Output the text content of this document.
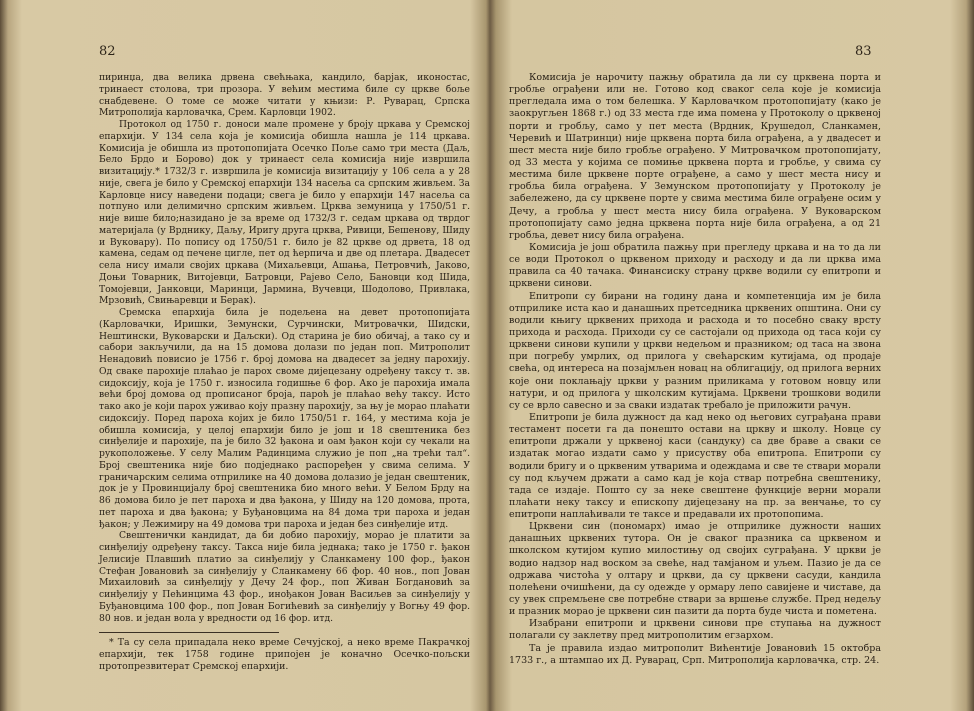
82

пиринџа, два велика дрвена свећњака, кандило, барјак, иконостас, тринаест столова, три прозора. У већим местима биле су цркве боље снабдевене. О томе се може читати у књизи: Р. Руварац, Српска Митрополија карловачка, Срем. Карловци 1902.

Протокол од 1750 г. доноси мале промене у броју цркава у Сремској епархији. У 134 села која је комисија обишла нашла је 114 цркава. Комисија је обишла из протопопијата Осечко Поље само три места (Даљ, Бело Брдо и Борово) док у тринаест села комисија није извршила визитацију.* 1732/3 г. извршила је комисија визитацију у 106 села а у 28 није, свега је било у Сремској епархији 134 насеља са српским живљем. За Карловце нису наведени подаци; свега је било у епархији 147 насеља са потпуно или делимично српским живљем. Црква земуница у 1750/51 г. није више било;назидано је за време од 1732/3 г. седам цркава од тврдог материјала (у Врднику, Даљу, Иригу друга црква, Ривици, Бешенову, Шиду и Вуковару). По попису од 1750/51 г. било је 82 цркве од дрвета, 18 од камена, седам од печене цигле, пет од ћерпича и две од плетара. Двадесет села нису имали својих цркава (Михаљевци, Ашања, Петровчић, Јаково, Доњи Товарник, Витојевци, Батровци, Рајево Село, Бановци код Шида, Томојевци, Јанковци, Маринци, Јармина, Вучевци, Шодолово, Привлака, Мрзовић, Свињаревци и Берак).

Сремска епархија била је подељена на девет протопопијата (Карловачки, Иришки, Земунски, Сурчински, Митровачки, Шидски, Нештински, Вуковарски и Даљски). Од старина је био обичај, а тако су и сабори закључили, да на 15 домова долази по један поп. Митрополит Ненадовић повисио је 1756 г. број домова на двадесет за једну парохију. Од сваке парохије плаћао је парох своме дијецезану одређену таксу т. зв. сидоксију, која је 1750 г. износила годишње 6 фор. Ако је парохија имала већи број домова од прописаног броја, пароћ је плаћао већу таксу. Исто тако ако је који парох уживао коју празну парохију, за њу је морао плаћати сидоксију. Поред пароха којих је било 1750/51 г. 164, у местима која је обишла комисија, у целој епархији било је још и 18 свештеника без синђелије и парохије, па је било 32 ђакона и оам ђакон који су чекали на рукоположење. У селу Малим Радинцима служио је поп „на трећи тал“. Број свештеника није био подједнако распоређен у свима селима. У граничарским селима отприлике на 40 домова долазио је један свештеник, док је у Провинцијалу број свештеника био много већи. У Белом Брду на 86 домова било је пет пароха и два ђакона, у Шиду на 120 домова, прота, пет пароха и два ђакона; у Буђановцима на 84 дома три пароха и један ђакон; у Лежимиру на 49 домова три пароха и један без синђелије итд.

Свештенички кандидат, да би добио парохију, морао је платити за синђелију одређену таксу. Такса није била једнака; тако је 1750 г. ђакон Јелисије Плавшић платио за синђелију у Сланкамену 100 фор., ђакон Стефан Јовановић за синђелију у Сланкамену 66 фор. 40 нов., поп Јован Михаиловић за синђелију у Дечу 24 фор., поп Живан Богдановић за синђелију у Пећинцима 43 фор., инођакон Јован Васиљев за синђелију у Буђановцима 100 фор., поп Јован Богићевић за синђелију у Вогњу 49 фор. 80 нов. и један вола у вредности од 16 фор. итд.

* Та су села припадала неко време Сечујској, а неко време Пакрачкој епархији, тек 1758 године припојен је коначно Осечко-пољски протопрезвитерат Сремској епархији.

83

Комисија је нарочиту пажњу обратила да ли су црквена порта и гробље ограђени или не. Готово код сваког села које је комисија прегледала има о том белешка. У Карловачком протопопијату (како је заокругљен 1868 г.) од 33 места где има помена у Протоколу о црквеној порти и гробљу, само у пет места (Врдник, Крушедол, Сланкамен, Черевић и Шатринци) није црквена порта била ограђена, а у двадесет и шест места није било гробље ограђено. У Митровачком протопопијату, од 33 места у којима се помиње црквена порта и гробље, у свима су местима биле црквене порте ограђене, а само у шест места нису и гробља била ограђена. У Земунском протопопијату у Протоколу је забележено, да су црквене порте у свима местима биле ограђене осим у Дечу, а гробља у шест места нису била ограђена. У Вуковарском протопопијату само једна црквена порта није била ограђена, а од 21 гробља, девет нису била ограђена.

Комисија је још обратила пажњу при прегледу цркава и на то да ли се води Протокол о црквеном приходу и расходу и да ли црква има правила са 40 тачака. Финансиску страну цркве водили су епитропи и црквени синови.

Епитропи су бирани на годину дана и компетенција им је била отприлике иста као и данашњих претседника црквених општина. Они су водили књигу црквених прихода и расхода и то посебно сваку врсту прихода и расхода. Приходи су се састојали од прихода од таса који су црквени синови купили у цркви недељом и празником; од таса на звона при погребу умрлих, од прилога у свећарским кутијама, од продаје свећа, од интереса на позајмљен новац на облигацију, од прилога верних које они поклањају цркви у разним приликама у готовом новцу или натури, и од прилога у школским кутијама. Црквени трошкови водили су се врло савесно и за сваки издатак требало је приложити рачун.

Епитропи је била дужност да кад неко од његових суграђана прави тестамент посети га да понешто остави на цркву и школу. Новце су епитропи држали у црквеној каси (сандуку) са две браве а сваки се издатак могао издати само у присуству оба епитропа. Епитропи су водили бригу и о црквеним утварима и одеждама и све те ствари морали су под кључем држати а само кад је која ствар потребна свештенику, тада се издаје. Пошто су за неке свештене функције верни морали плаћати неку таксу и епископу дијецезану на пр. за венчање, то су епитропи наплаћивали те таксе и предавали их протопопима.

Црквени син (пономарх) имао је отприлике дужности наших данашњих црквених тутора. Он је сваког празника са црквеном и школском кутијом купио милостињу од својих суграђана. У цркви је водио надзор над воском за свеће, над тамјаном и уљем. Пазио је да се одржава чистоћа у олтару и цркви, да су црквени сасуди, кандила полећени очишћени, да су одежде у ормару лепо савијене и чиставе, да су увек спремљене све потребне ствари за вршење службе. Пред недељу и празник морао је црквени син пазити да порта буде чиста и пометена.

Изабрани епитропи и црквени синови пре ступања на дужност полагали су заклетву пред митрополитим егзархом.

Та је правила издао митрополит Вићентије Јовановић 15 октобра 1733 г., а штампао их Д. Руварац, Срп. Митрополија карловачка, стр. 24.
